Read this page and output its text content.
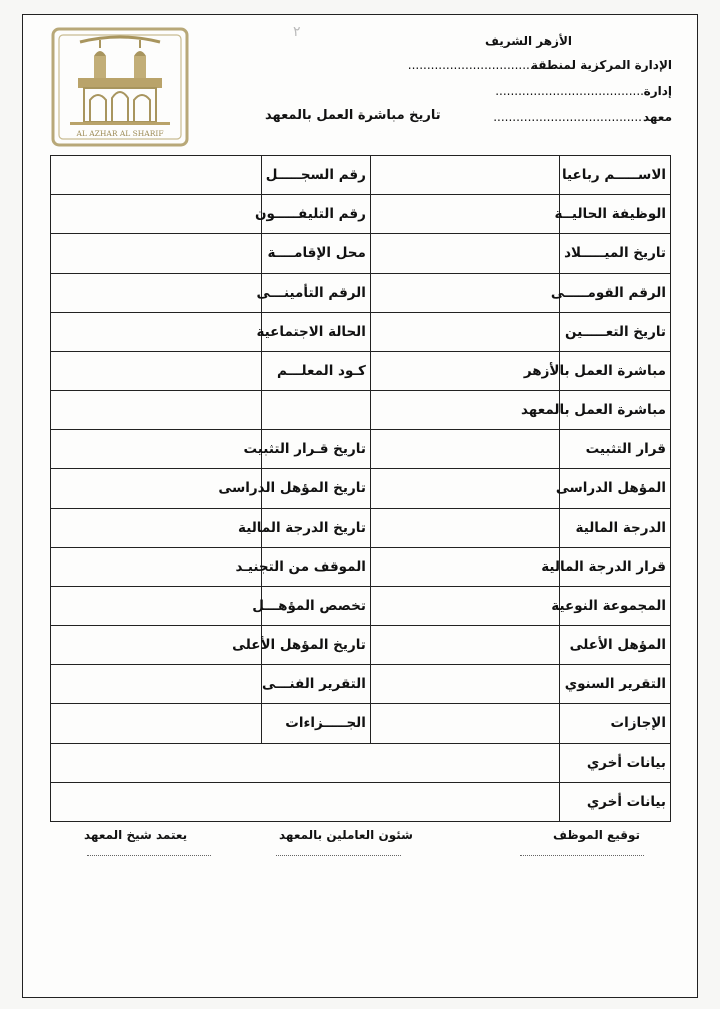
AL AZHAR AL SHARIF
٢
الأزهر الشريف
الإدارة المركزية لمنطقة
..........................................
إدارة
.......................................
معهد
.......................................
تاريخ مباشرة العمل بالمعهد
الاســـــم رباعيا		رقم السجـــــل	
الوظيفة الحاليــة		رقم التليفـــــون	
تاريخ الميـــــلاد		محل الإقامــــة	
الرقم القومـــــى		الرقم التأمينـــى	
تاريخ التعـــــين		الحالة الاجتماعية	
مباشرة العمل بالأزهر		كـود المعلـــم	
مباشرة العمل بالمعهد			
قرار التثبيت		تاريخ قـرار التثبيت	
المؤهل الدراسى		تاريخ المؤهل الدراسى	
الدرجة المالية		تاريخ الدرجة المالية	
قرار الدرجة المالية		الموقف من التجنيـد	
المجموعة النوعية		تخصص المؤهـــل	
المؤهل الأعلى		تاريخ المؤهل الأعلى	
التقرير السنوي		التقرير الفنـــى	
الإجازات		الجـــــزاءات	
بيانات أخري			
بيانات أخري			
توقيع الموظف
شئون العاملين بالمعهد
يعتمد شيخ المعهد
